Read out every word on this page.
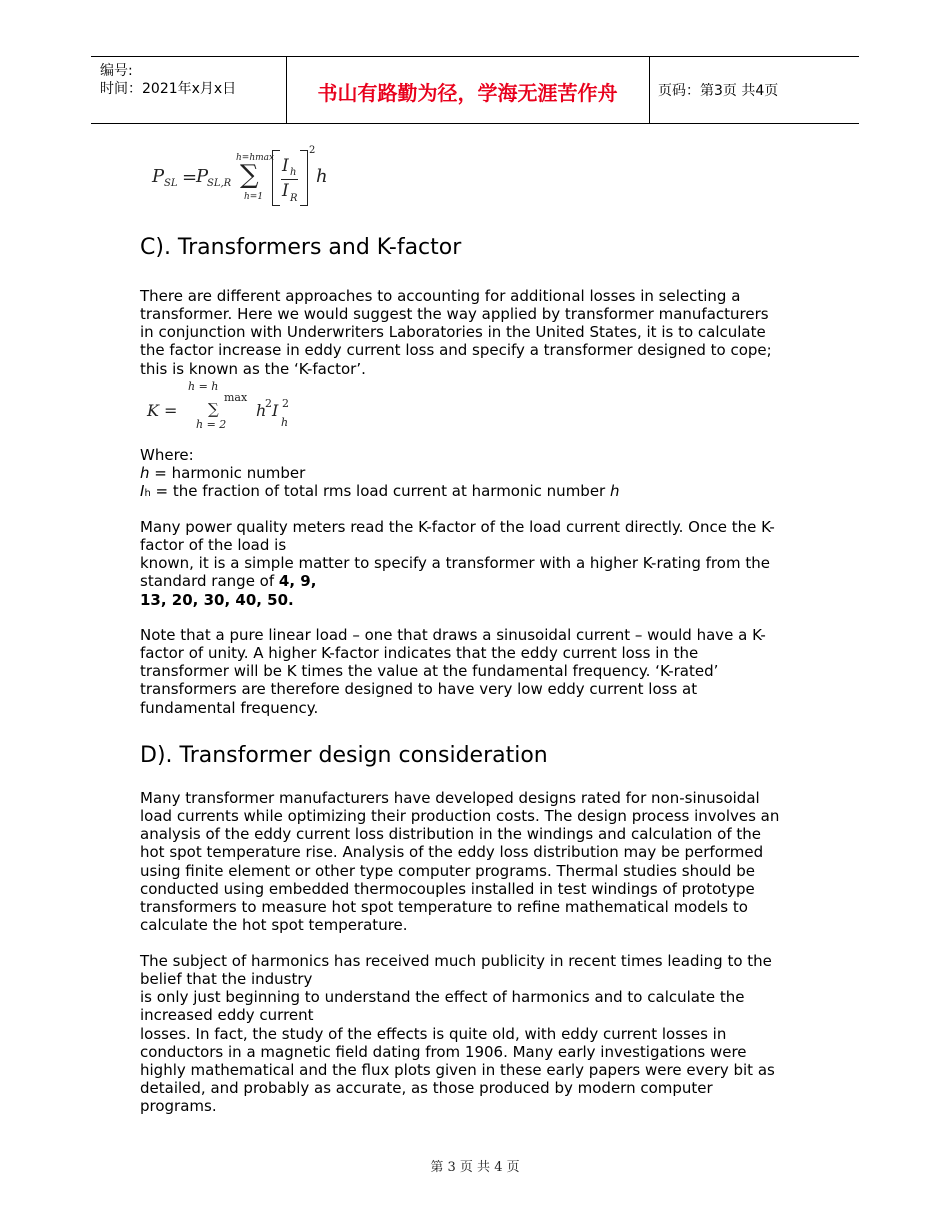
编号:
时间：2021年x月x日	书山有路勤为径，学海无涯苦作舟	页码：第3页 共4页
P SL =
P
SL,R
h=hmax
∑
h=1
I h
I R
2
h
C). Transformers and K-factor
There are different approaches to accounting for additional losses in selecting a
transformer. Here we would suggest the way applied by transformer manufacturers
in conjunction with Underwriters Laboratories in the United States, it is to calculate
the factor increase in eddy current loss and specify a transformer designed to cope;
this is known as the ‘K-factor’.
K =
h = h
max
∑
h = 2
h
2 I 2
h
Where:
h = harmonic number
Ih = the fraction of total rms load current at harmonic number h
Many power quality meters read the K-factor of the load current directly. Once the K-
factor of the load is
known, it is a simple matter to specify a transformer with a higher K-rating from the
standard range of 4, 9,
13, 20, 30, 40, 50.
Note that a pure linear load – one that draws a sinusoidal current – would have a K-
factor of unity. A higher K-factor indicates that the eddy current loss in the
transformer will be K times the value at the fundamental frequency. ‘K-rated’
transformers are therefore designed to have very low eddy current loss at
fundamental frequency.
D). Transformer design consideration
Many transformer manufacturers have developed designs rated for non-sinusoidal
load currents while optimizing their production costs. The design process involves an
analysis of the eddy current loss distribution in the windings and calculation of the
hot spot temperature rise. Analysis of the eddy loss distribution may be performed
using finite element or other type computer programs. Thermal studies should be
conducted using embedded thermocouples installed in test windings of prototype
transformers to measure hot spot temperature to refine mathematical models to
calculate the hot spot temperature.
The subject of harmonics has received much publicity in recent times leading to the
belief that the industry
is only just beginning to understand the effect of harmonics and to calculate the
increased eddy current
losses. In fact, the study of the effects is quite old, with eddy current losses in
conductors in a magnetic field dating from 1906. Many early investigations were
highly mathematical and the flux plots given in these early papers were every bit as
detailed, and probably as accurate, as those produced by modern computer
programs.
第 3 页 共 4 页
